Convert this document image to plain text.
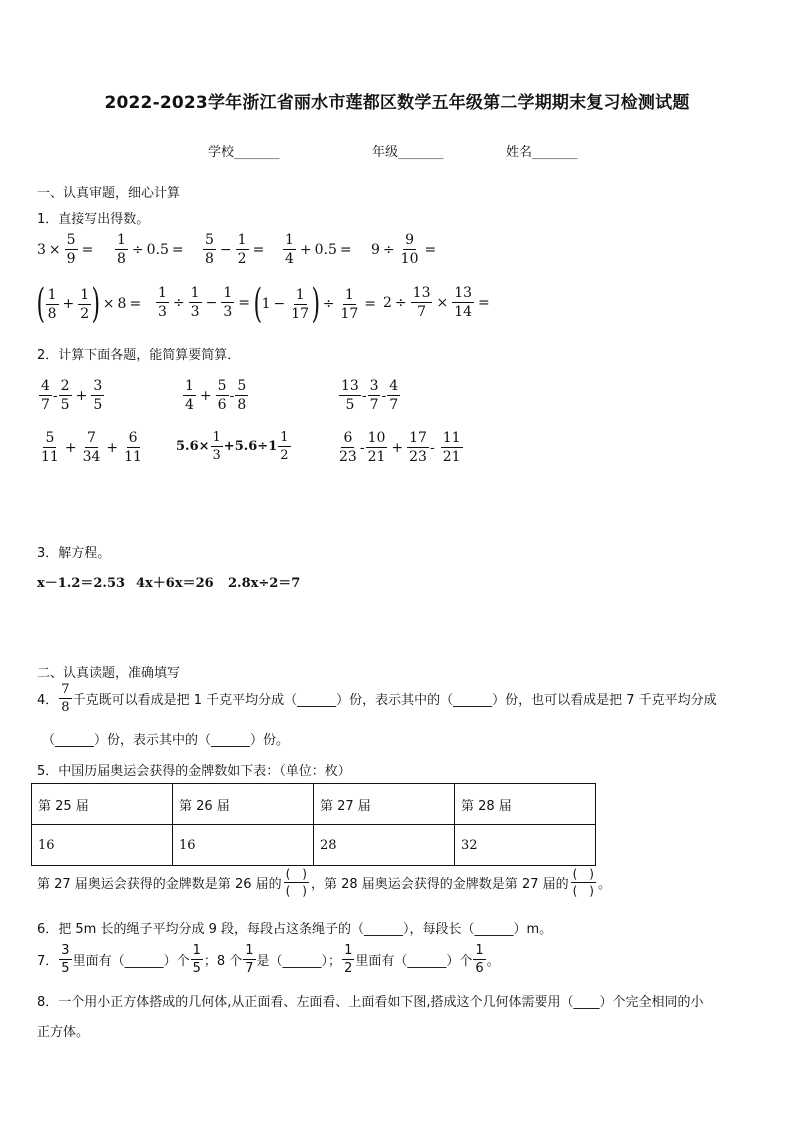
2022-2023学年浙江省丽水市莲都区数学五年级第二学期期末复习检测试题
学校_______	年级_______	姓名_______
一、认真审题，细心计算
1．直接写出得数。
$3 \times \frac{5}{9} = \frac{1}{8} \div 0.5 = \frac{5}{8} - \frac{1}{2} = \frac{1}{4} + 0.5 = 9 \div \frac{9}{10}$ =
( $\frac{1}{8} + \frac{1}{2}$ ) × $8 = \frac{1}{3} \div \frac{1}{3} - \frac{1}{3}$ = ( $1 - \frac{1}{17}$ ) ÷ $\frac{1}{17} = 2 \div \frac{13}{7} \times \frac{13}{14}$ =
2．计算下面各题，能简算要简算．
$\frac{4}{7} - \frac{2}{5} + \frac{3}{5}$	$\frac{1}{4} + \frac{5}{6} - \frac{5}{8}$	$\frac{13}{5} - \frac{3}{7} - \frac{4}{7}$
$\frac{5}{11} + \frac{7}{34} + \frac{6}{11} 5.6\times \frac{1}{3} +5.6\div 1 \frac{1}{2}$	$\frac{6}{23} - \frac{10}{21} + \frac{17}{23} - \frac{11}{21}$
3．解方程。
x－1.2＝2.53 4x＋6x＝26 2.8x÷2＝7
二、认真读题，准确填写
4． $\frac{7}{8}$ 千克既可以看成是把 1 千克平均分成（______）份，表示其中的（______）份，也可以看成是把 7 千克平均分成
（______）份，表示其中的（______）份。
5．中国历届奥运会获得的金牌数如下表：（单位：枚）
第 25 届	第 26 届	第 27 届	第 28 届
16	16	28	32
第 27 届奥运会获得的金牌数是第 26 届的
(　)
(　) ，第 28 届奥运会获得的金牌数是第 27 届的
(　)
(　) 。
6．把 5m 长的绳子平均分成 9 段，每段占这条绳子的（______），每段长（______）m。
7． $\frac{3}{5}$ 里面有（______）个 $\frac{1}{5}$ ；8 个 $\frac{1}{7}$ 是（______）； $\frac{1}{2}$ 里面有（______）个 $\frac{1}{6}$ 。
8．一个用小正方体搭成的几何体,从正面看、左面看、上面看如下图,搭成这个几何体需要用（____）个完全相同的小
正方体。
